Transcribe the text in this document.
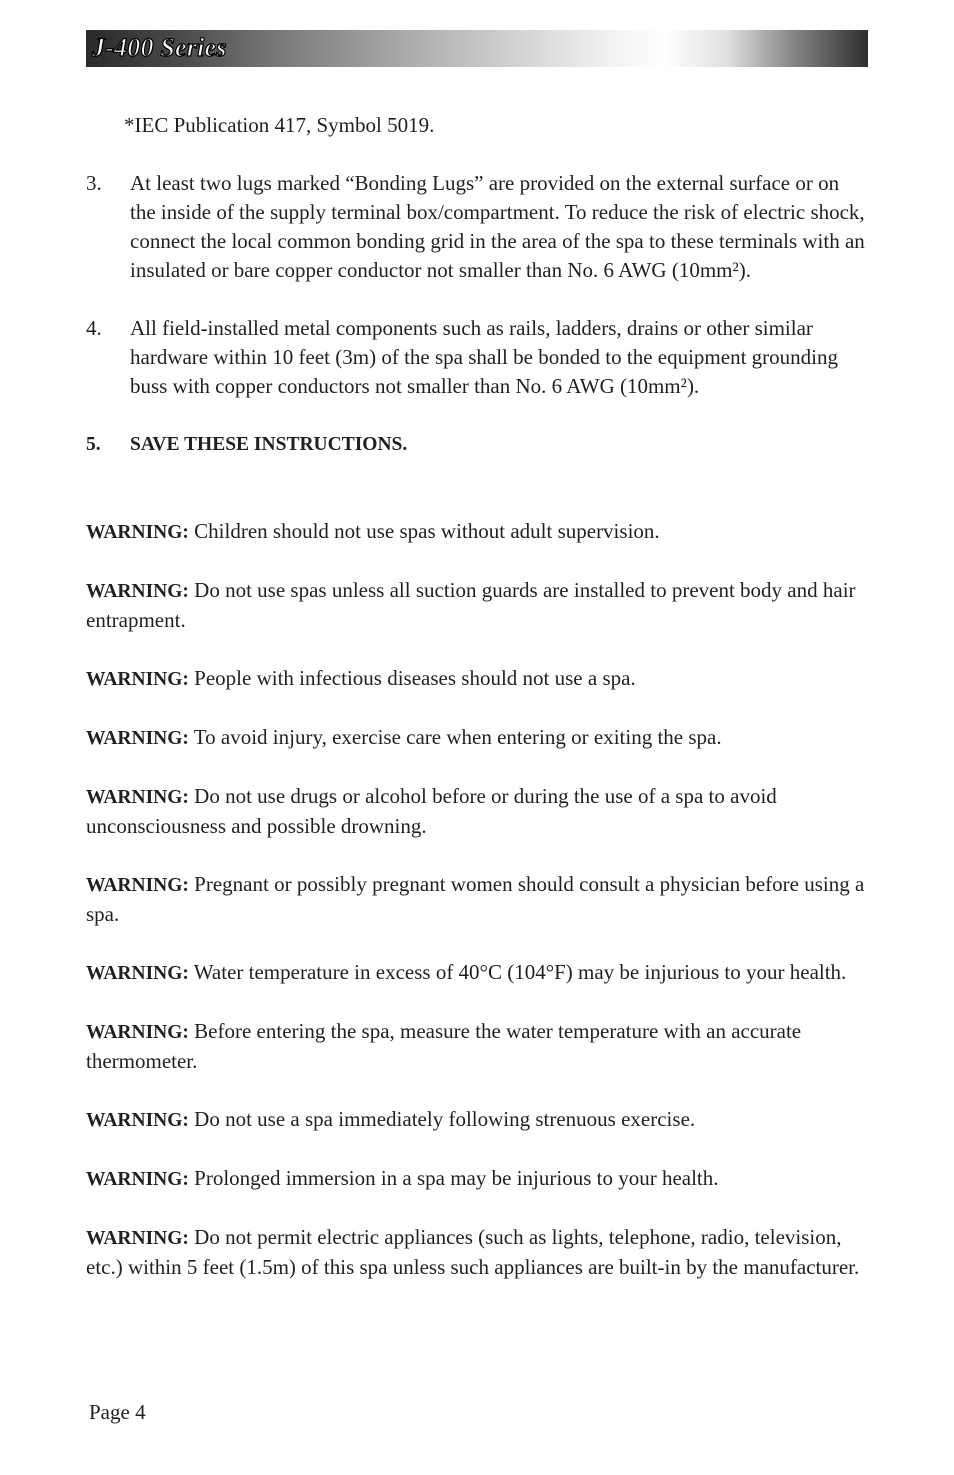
J-400 Series

*IEC Publication 417, Symbol 5019.

3.	At least two lugs marked “Bonding Lugs” are provided on the external surface or on the inside of the supply terminal box/compartment. To reduce the risk of electric shock, connect the local common bonding grid in the area of the spa to these terminals with an insulated or bare copper conductor not smaller than No. 6 AWG (10mm²).
4.	All field-installed metal components such as rails, ladders, drains or other similar hardware within 10 feet (3m) of the spa shall be bonded to the equipment grounding buss with copper conductors not smaller than No. 6 AWG (10mm²).
5.	SAVE THESE INSTRUCTIONS.

WARNING: Children should not use spas without adult supervision.

WARNING: Do not use spas unless all suction guards are installed to prevent body and hair entrapment.

WARNING: People with infectious diseases should not use a spa.

WARNING: To avoid injury, exercise care when entering or exiting the spa.

WARNING: Do not use drugs or alcohol before or during the use of a spa to avoid unconsciousness and possible drowning.

WARNING: Pregnant or possibly pregnant women should consult a physician before using a spa.

WARNING: Water temperature in excess of 40°C (104°F) may be injurious to your health.

WARNING: Before entering the spa, measure the water temperature with an accurate thermometer.

WARNING: Do not use a spa immediately following strenuous exercise.

WARNING: Prolonged immersion in a spa may be injurious to your health.

WARNING: Do not permit electric appliances (such as lights, telephone, radio, television, etc.) within 5 feet (1.5m) of this spa unless such appliances are built-in by the manufacturer.

Page 4
